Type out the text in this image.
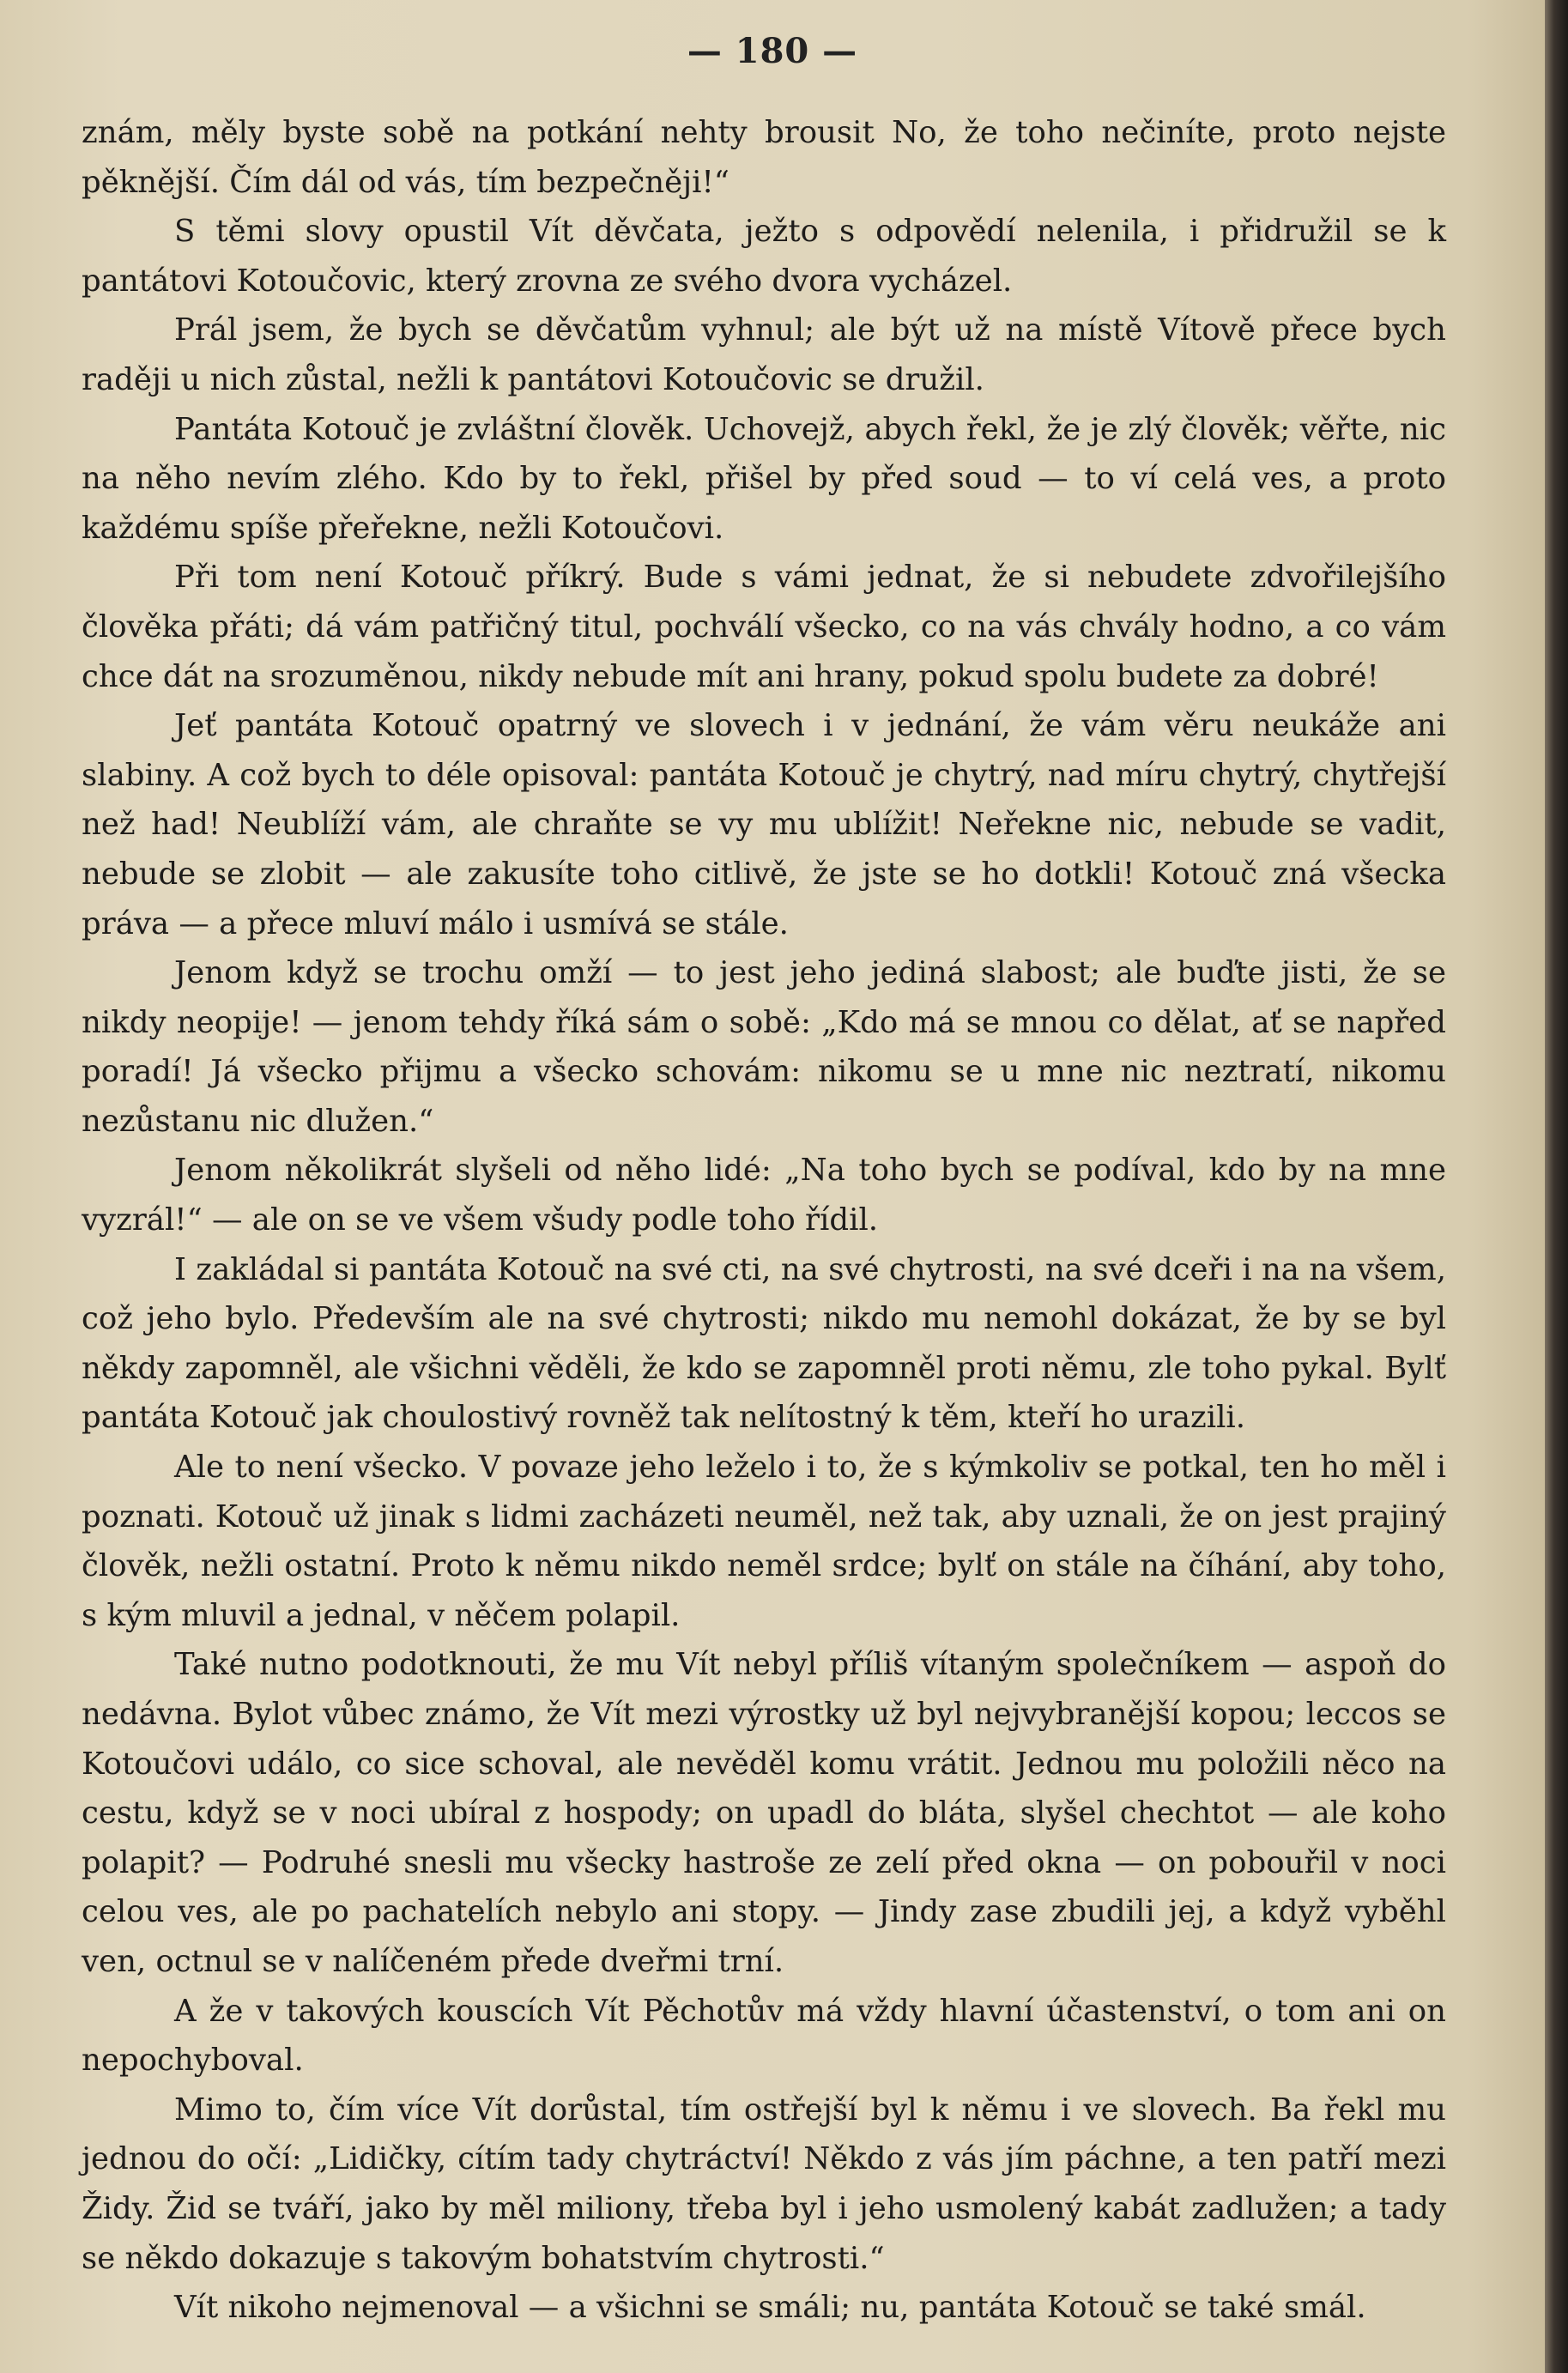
— 180 —

znám, měly byste sobě na potkání nehty brousit No, že toho nečiníte, proto nejste pěknější. Čím dál od vás, tím bezpečněji!“

S těmi slovy opustil Vít děvčata, ježto s odpovědí nelenila, i přidružil se k pantátovi Kotoučovic, který zrovna ze svého dvora vycházel.

Prál jsem, že bych se děvčatům vyhnul; ale být už na místě Vítově přece bych raději u nich zůstal, nežli k pantátovi Kotoučovic se družil.

Pantáta Kotouč je zvláštní člověk. Uchovejž, abych řekl, že je zlý člověk; věřte, nic na něho nevím zlého. Kdo by to řekl, přišel by před soud — to ví celá ves, a proto každému spíše přeřekne, nežli Kotoučovi.

Při tom není Kotouč příkrý. Bude s vámi jednat, že si nebudete zdvořilejšího člověka přáti; dá vám patřičný titul, pochválí všecko, co na vás chvály hodno, a co vám chce dát na srozuměnou, nikdy nebude mít ani hrany, pokud spolu budete za dobré!

Jeť pantáta Kotouč opatrný ve slovech i v jednání, že vám věru neukáže ani slabiny. A což bych to déle opisoval: pantáta Kotouč je chytrý, nad míru chytrý, chytřejší než had! Neublíží vám, ale chraňte se vy mu ublížit! Neřekne nic, nebude se vadit, nebude se zlobit — ale zakusíte toho citlivě, že jste se ho dotkli! Kotouč zná všecka práva — a přece mluví málo i usmívá se stále.

Jenom když se trochu omží — to jest jeho jediná slabost; ale buďte jisti, že se nikdy neopije! — jenom tehdy říká sám o sobě: „Kdo má se mnou co dělat, ať se napřed poradí! Já všecko přijmu a všecko schovám: nikomu se u mne nic neztratí, nikomu nezůstanu nic dlužen.“

Jenom několikrát slyšeli od něho lidé: „Na toho bych se podíval, kdo by na mne vyzrál!“ — ale on se ve všem všudy podle toho řídil.

I zakládal si pantáta Kotouč na své cti, na své chytrosti, na své dceři i na na všem, což jeho bylo. Především ale na své chytrosti; nikdo mu nemohl dokázat, že by se byl někdy zapomněl, ale všichni věděli, že kdo se zapomněl proti němu, zle toho pykal. Bylť pantáta Kotouč jak choulostivý rovněž tak nelítostný k těm, kteří ho urazili.

Ale to není všecko. V povaze jeho leželo i to, že s kýmkoliv se potkal, ten ho měl i poznati. Kotouč už jinak s lidmi zacházeti neuměl, než tak, aby uznali, že on jest prajiný člověk, nežli ostatní. Proto k němu nikdo neměl srdce; bylť on stále na číhání, aby toho, s kým mluvil a jednal, v něčem polapil.

Také nutno podotknouti, že mu Vít nebyl příliš vítaným společníkem — aspoň do nedávna. Bylot vůbec známo, že Vít mezi výrostky už byl nejvybranější kopou; leccos se Kotoučovi událo, co sice schoval, ale nevěděl komu vrátit. Jednou mu položili něco na cestu, když se v noci ubíral z hospody; on upadl do bláta, slyšel chechtot — ale koho polapit? — Podruhé snesli mu všecky hastroše ze zelí před okna — on pobouřil v noci celou ves, ale po pachatelích nebylo ani stopy. — Jindy zase zbudili jej, a když vyběhl ven, octnul se v nalíčeném přede dveřmi trní.

A že v takových kouscích Vít Pěchotův má vždy hlavní účastenství, o tom ani on nepochyboval.

Mimo to, čím více Vít dorůstal, tím ostřejší byl k němu i ve slovech. Ba řekl mu jednou do očí: „Lidičky, cítím tady chytráctví! Někdo z vás jím páchne, a ten patří mezi Židy. Žid se tváří, jako by měl miliony, třeba byl i jeho usmolený kabát zadlužen; a tady se někdo dokazuje s takovým bohatstvím chytrosti.“

Vít nikoho nejmenoval — a všichni se smáli; nu, pantáta Kotouč se také smál.
